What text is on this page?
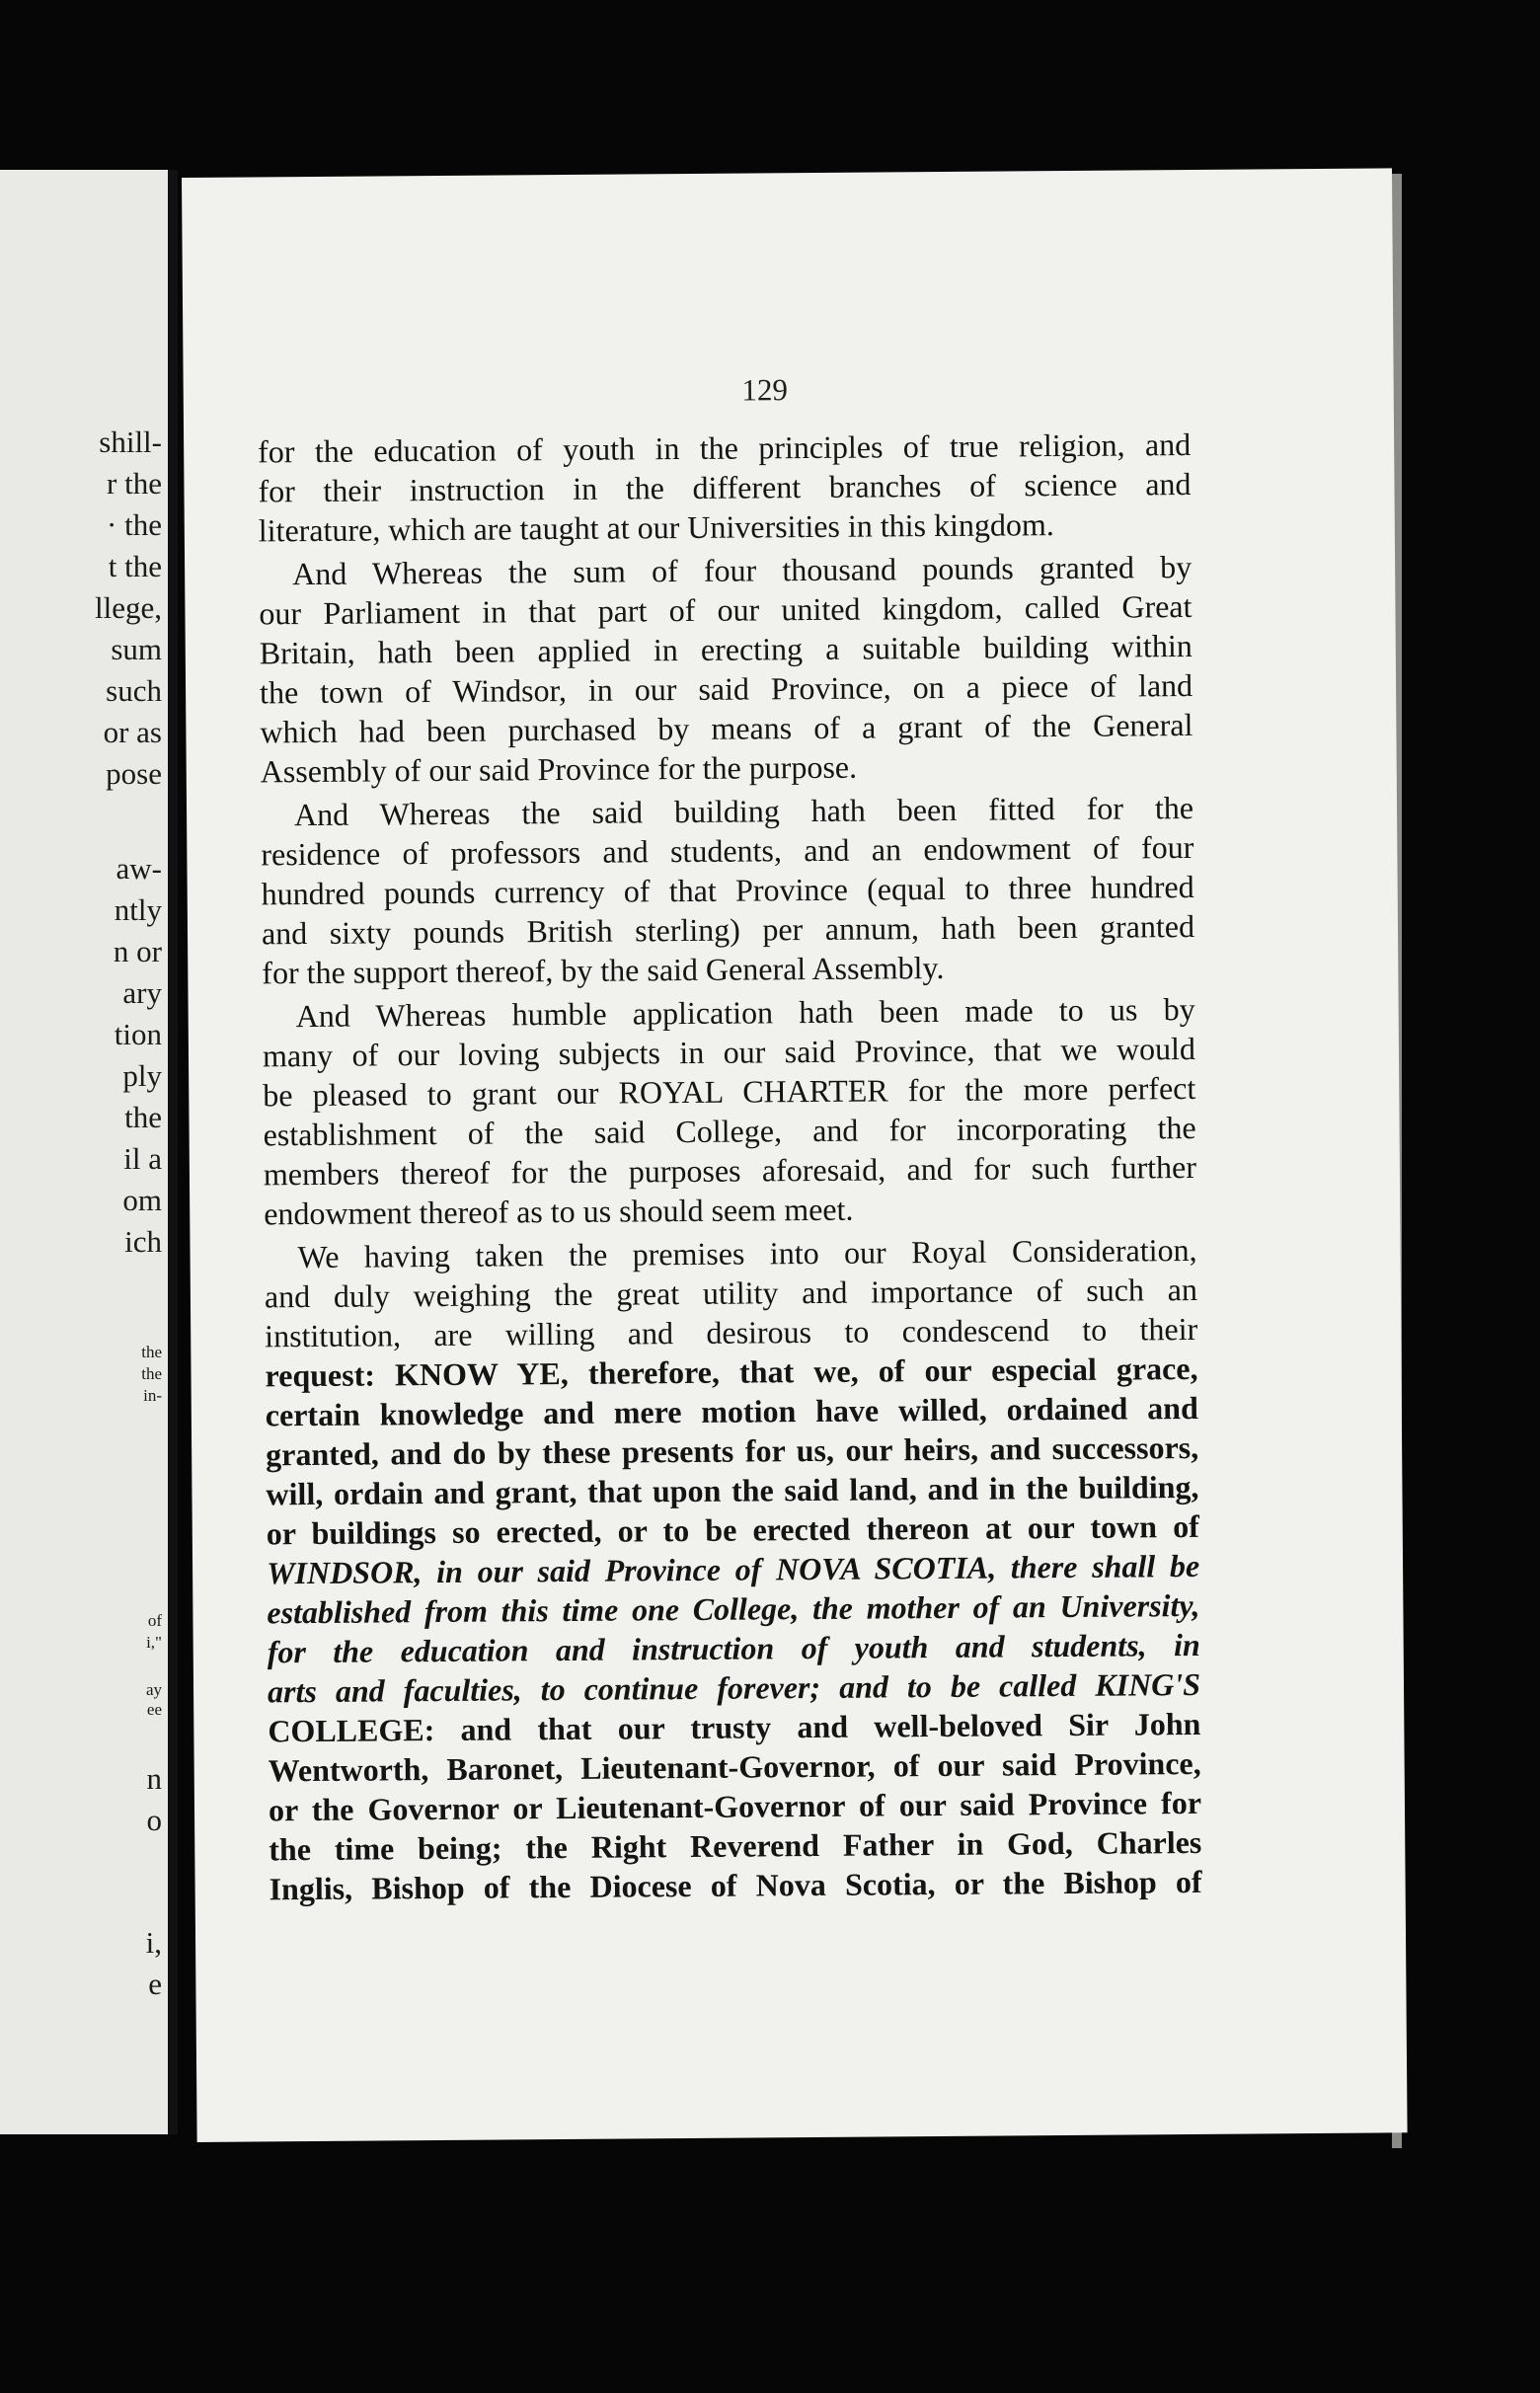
shill-
r the
· the
t the
llege,
sum
such
or as
pose
aw-
ntly
n or
ary
tion
ply
the
il a
om
ich
the
the
in-
of
i,"
ay
ee
n
o
i,
e
129
for the education of youth in the principles of true religion, and
for their instruction in the different branches of science and
literature, which are taught at our Universities in this kingdom.
And Whereas the sum of four thousand pounds granted by
our Parliament in that part of our united kingdom, called Great
Britain, hath been applied in erecting a suitable building within
the town of Windsor, in our said Province, on a piece of land
which had been purchased by means of a grant of the General
Assembly of our said Province for the purpose.
And Whereas the said building hath been fitted for the
residence of professors and students, and an endowment of four
hundred pounds currency of that Province (equal to three hundred
and sixty pounds British sterling) per annum, hath been granted
for the support thereof, by the said General Assembly.
And Whereas humble application hath been made to us by
many of our loving subjects in our said Province, that we would
be pleased to grant our ROYAL CHARTER for the more perfect
establishment of the said College, and for incorporating the
members thereof for the purposes aforesaid, and for such further
endowment thereof as to us should seem meet.
We having taken the premises into our Royal Consideration,
and duly weighing the great utility and importance of such an
institution, are willing and desirous to condescend to their
request: KNOW YE, therefore, that we, of our especial grace,
certain knowledge and mere motion have willed, ordained and
granted, and do by these presents for us, our heirs, and successors,
will, ordain and grant, that upon the said land, and in the building,
or buildings so erected, or to be erected thereon at our town of
WINDSOR, in our said Province of NOVA SCOTIA, there shall be
established from this time one College, the mother of an University,
for the education and instruction of youth and students, in
arts and faculties, to continue forever; and to be called KING'S
COLLEGE: and that our trusty and well-beloved Sir John
Wentworth, Baronet, Lieutenant-Governor, of our said Province,
or the Governor or Lieutenant-Governor of our said Province for
the time being; the Right Reverend Father in God, Charles
Inglis, Bishop of the Diocese of Nova Scotia, or the Bishop of
